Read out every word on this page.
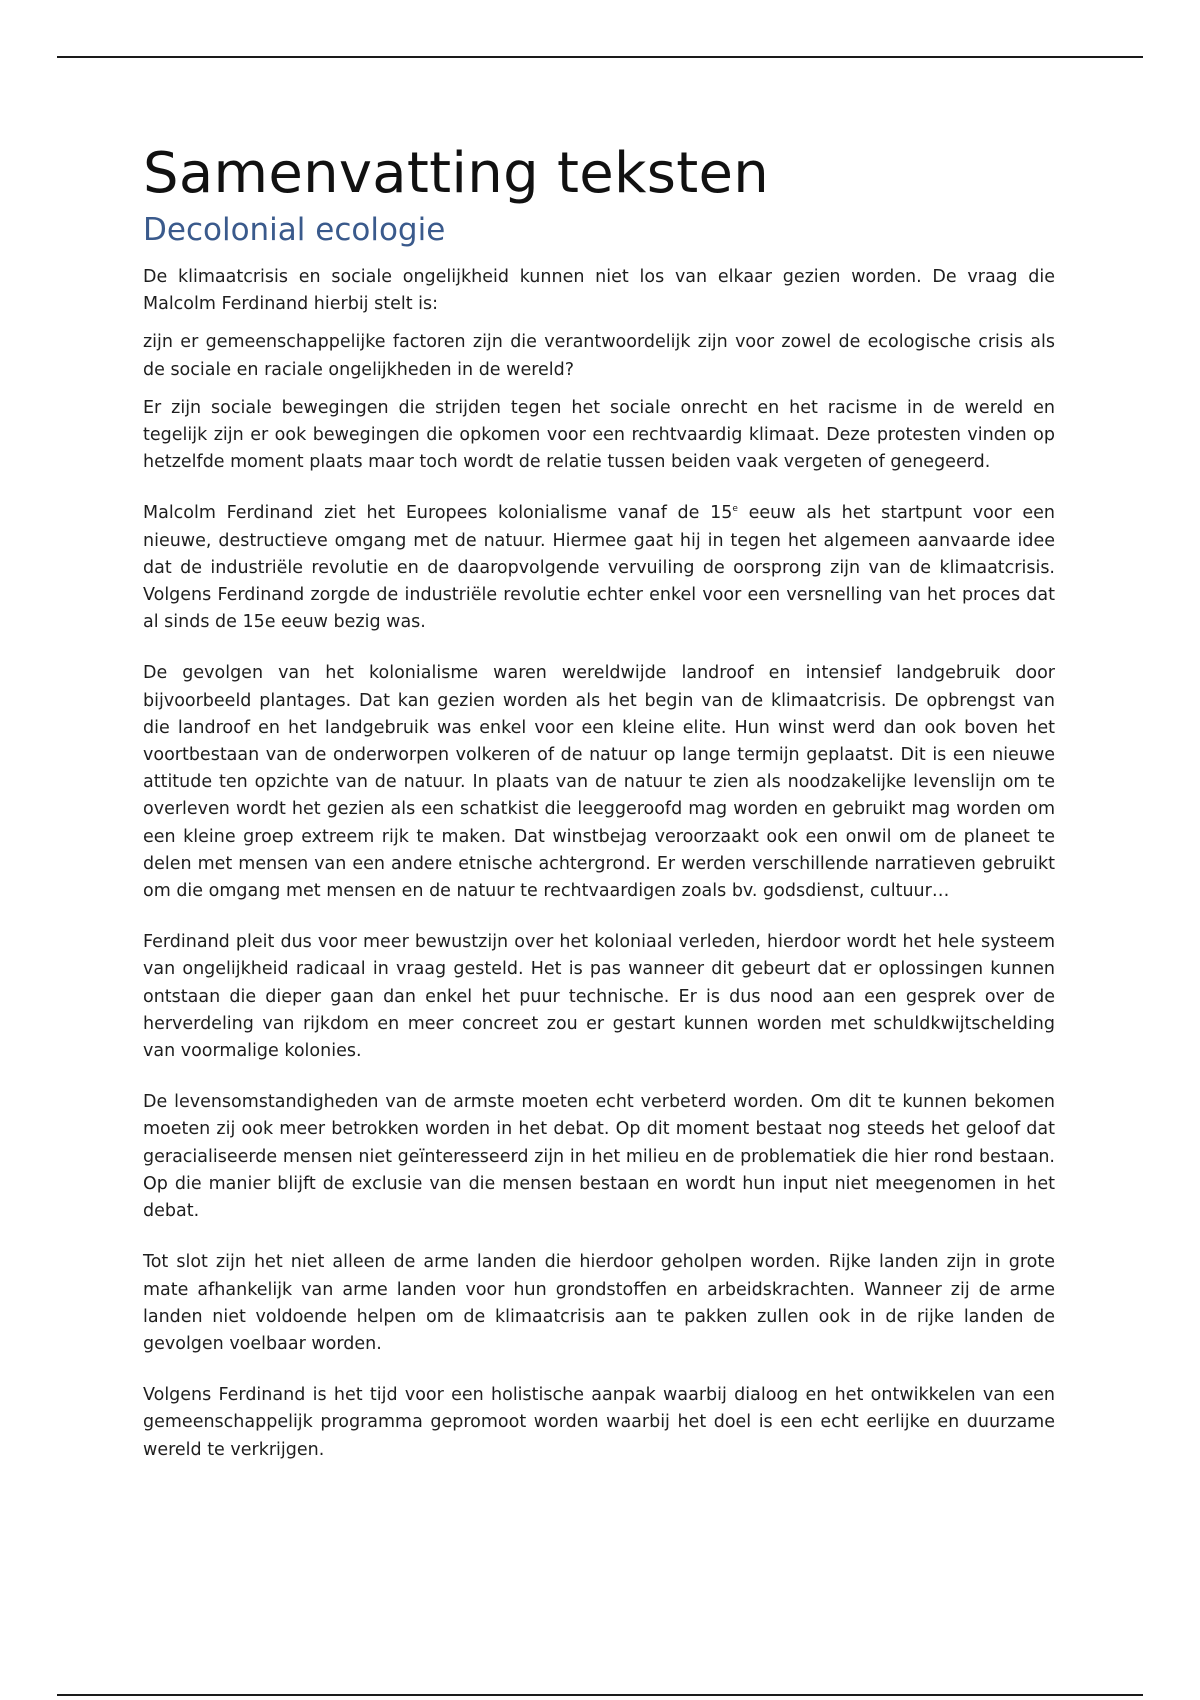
Samenvatting teksten
Decolonial ecologie

De klimaatcrisis en sociale ongelijkheid kunnen niet los van elkaar gezien worden. De vraag die Malcolm Ferdinand hierbij stelt is:

zijn er gemeenschappelijke factoren zijn die verantwoordelijk zijn voor zowel de ecologische crisis als de sociale en raciale ongelijkheden in de wereld?

Er zijn sociale bewegingen die strijden tegen het sociale onrecht en het racisme in de wereld en tegelijk zijn er ook bewegingen die opkomen voor een rechtvaardig klimaat. Deze protesten vinden op hetzelfde moment plaats maar toch wordt de relatie tussen beiden vaak vergeten of genegeerd.

Malcolm Ferdinand ziet het Europees kolonialisme vanaf de 15e eeuw als het startpunt voor een nieuwe, destructieve omgang met de natuur. Hiermee gaat hij in tegen het algemeen aanvaarde idee dat de industriële revolutie en de daaropvolgende vervuiling de oorsprong zijn van de klimaatcrisis. Volgens Ferdinand zorgde de industriële revolutie echter enkel voor een versnelling van het proces dat al sinds de 15e eeuw bezig was.

De gevolgen van het kolonialisme waren wereldwijde landroof en intensief landgebruik door bijvoorbeeld plantages. Dat kan gezien worden als het begin van de klimaatcrisis. De opbrengst van die landroof en het landgebruik was enkel voor een kleine elite. Hun winst werd dan ook boven het voortbestaan van de onderworpen volkeren of de natuur op lange termijn geplaatst. Dit is een nieuwe attitude ten opzichte van de natuur. In plaats van de natuur te zien als noodzakelijke levenslijn om te overleven wordt het gezien als een schatkist die leeggeroofd mag worden en gebruikt mag worden om een kleine groep extreem rijk te maken. Dat winstbejag veroorzaakt ook een onwil om de planeet te delen met mensen van een andere etnische achtergrond. Er werden verschillende narratieven gebruikt om die omgang met mensen en de natuur te rechtvaardigen zoals bv. godsdienst, cultuur…

Ferdinand pleit dus voor meer bewustzijn over het koloniaal verleden, hierdoor wordt het hele systeem van ongelijkheid radicaal in vraag gesteld. Het is pas wanneer dit gebeurt dat er oplossingen kunnen ontstaan die dieper gaan dan enkel het puur technische. Er is dus nood aan een gesprek over de herverdeling van rijkdom en meer concreet zou er gestart kunnen worden met schuldkwijtschelding van voormalige kolonies.

De levensomstandigheden van de armste moeten echt verbeterd worden. Om dit te kunnen bekomen moeten zij ook meer betrokken worden in het debat. Op dit moment bestaat nog steeds het geloof dat geracialiseerde mensen niet geïnteresseerd zijn in het milieu en de problematiek die hier rond bestaan. Op die manier blijft de exclusie van die mensen bestaan en wordt hun input niet meegenomen in het debat.

Tot slot zijn het niet alleen de arme landen die hierdoor geholpen worden. Rijke landen zijn in grote mate afhankelijk van arme landen voor hun grondstoffen en arbeidskrachten. Wanneer zij de arme landen niet voldoende helpen om de klimaatcrisis aan te pakken zullen ook in de rijke landen de gevolgen voelbaar worden.

Volgens Ferdinand is het tijd voor een holistische aanpak waarbij dialoog en het ontwikkelen van een gemeenschappelijk programma gepromoot worden waarbij het doel is een echt eerlijke en duurzame wereld te verkrijgen.
